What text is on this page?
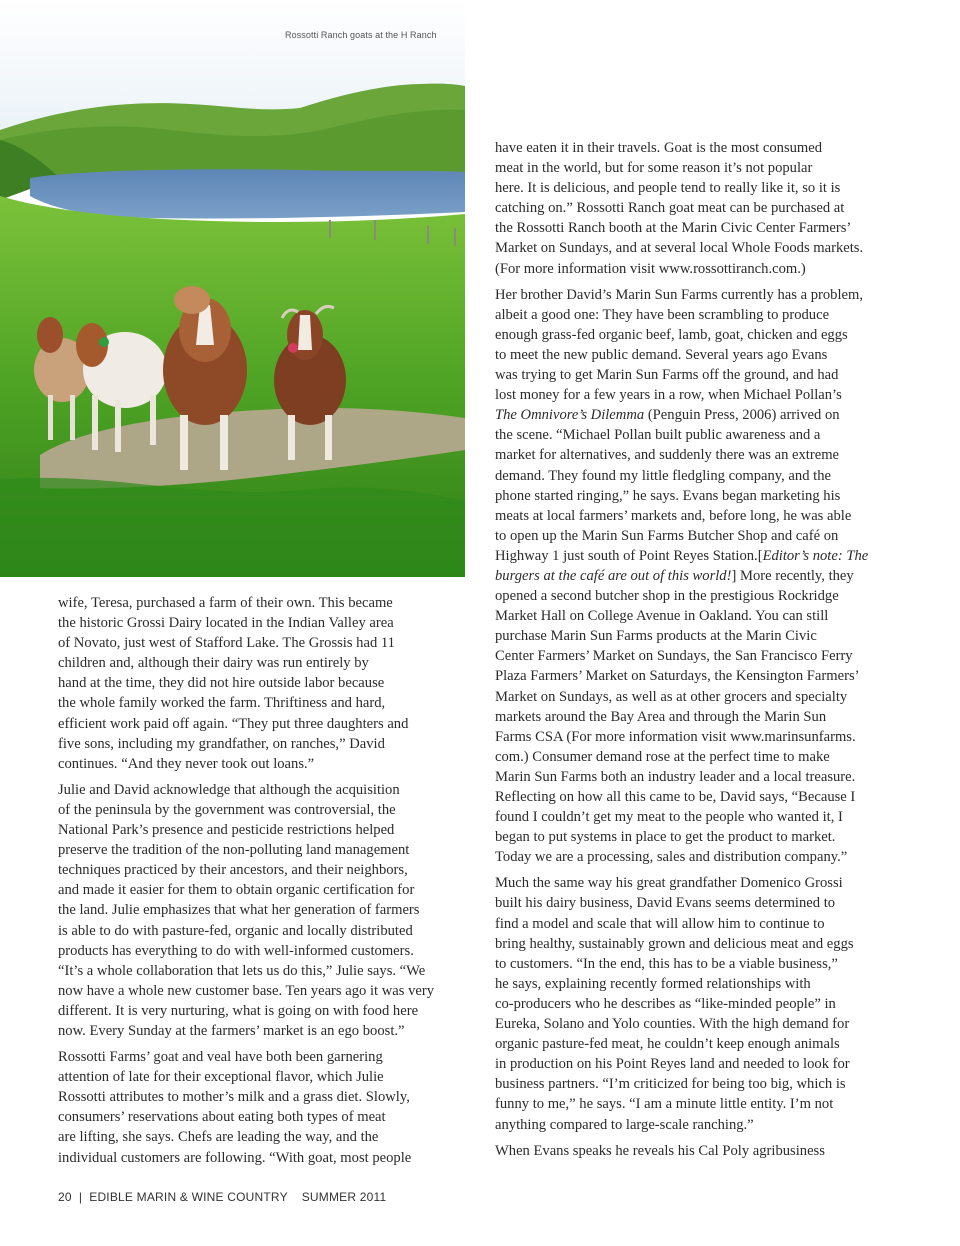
Rossotti Ranch goats at the H Ranch

wife, Teresa, purchased a farm of their own. This became
the historic Grossi Dairy located in the Indian Valley area
of Novato, just west of Stafford Lake. The Grossis had 11
children and, although their dairy was run entirely by
hand at the time, they did not hire outside labor because
the whole family worked the farm. Thriftiness and hard,
efficient work paid off again. “They put three daughters and
five sons, including my grandfather, on ranches,” David
continues. “And they never took out loans.”

Julie and David acknowledge that although the acquisition
of the peninsula by the government was controversial, the
National Park’s presence and pesticide restrictions helped
preserve the tradition of the non-polluting land management
techniques practiced by their ancestors, and their neighbors,
and made it easier for them to obtain organic certification for
the land. Julie emphasizes that what her generation of farmers
is able to do with pasture-fed, organic and locally distributed
products has everything to do with well-informed customers.
“It’s a whole collaboration that lets us do this,” Julie says. “We
now have a whole new customer base. Ten years ago it was very
different. It is very nurturing, what is going on with food here
now. Every Sunday at the farmers’ market is an ego boost.”

Rossotti Farms’ goat and veal have both been garnering
attention of late for their exceptional flavor, which Julie
Rossotti attributes to mother’s milk and a grass diet. Slowly,
consumers’ reservations about eating both types of meat
are lifting, she says. Chefs are leading the way, and the
individual customers are following. “With goat, most people

have eaten it in their travels. Goat is the most consumed
meat in the world, but for some reason it’s not popular
here. It is delicious, and people tend to really like it, so it is
catching on.” Rossotti Ranch goat meat can be purchased at
the Rossotti Ranch booth at the Marin Civic Center Farmers’
Market on Sundays, and at several local Whole Foods markets.
(For more information visit www.rossottiranch.com.)

Her brother David’s Marin Sun Farms currently has a problem,
albeit a good one: They have been scrambling to produce
enough grass-fed organic beef, lamb, goat, chicken and eggs
to meet the new public demand. Several years ago Evans
was trying to get Marin Sun Farms off the ground, and had
lost money for a few years in a row, when Michael Pollan’s
The Omnivore’s Dilemma (Penguin Press, 2006) arrived on
the scene. “Michael Pollan built public awareness and a
market for alternatives, and suddenly there was an extreme
demand. They found my little fledgling company, and the
phone started ringing,” he says. Evans began marketing his
meats at local farmers’ markets and, before long, he was able
to open up the Marin Sun Farms Butcher Shop and café on
Highway 1 just south of Point Reyes Station.[Editor’s note: The
burgers at the café are out of this world!] More recently, they
opened a second butcher shop in the prestigious Rockridge
Market Hall on College Avenue in Oakland. You can still
purchase Marin Sun Farms products at the Marin Civic
Center Farmers’ Market on Sundays, the San Francisco Ferry
Plaza Farmers’ Market on Saturdays, the Kensington Farmers’
Market on Sundays, as well as at other grocers and specialty
markets around the Bay Area and through the Marin Sun
Farms CSA (For more information visit www.marinsunfarms.
com.) Consumer demand rose at the perfect time to make
Marin Sun Farms both an industry leader and a local treasure.
Reflecting on how all this came to be, David says, “Because I
found I couldn’t get my meat to the people who wanted it, I
began to put systems in place to get the product to market.
Today we are a processing, sales and distribution company.”

Much the same way his great grandfather Domenico Grossi
built his dairy business, David Evans seems determined to
find a model and scale that will allow him to continue to
bring healthy, sustainably grown and delicious meat and eggs
to customers. “In the end, this has to be a viable business,”
he says, explaining recently formed relationships with
co-producers who he describes as “like-minded people” in
Eureka, Solano and Yolo counties. With the high demand for
organic pasture-fed meat, he couldn’t keep enough animals
in production on his Point Reyes land and needed to look for
business partners. “I’m criticized for being too big, which is
funny to me,” he says. “I am a minute little entity. I’m not
anything compared to large-scale ranching.”

When Evans speaks he reveals his Cal Poly agribusiness

20 | EDIBLE MARIN & WINE COUNTRY SUMMER 2011
